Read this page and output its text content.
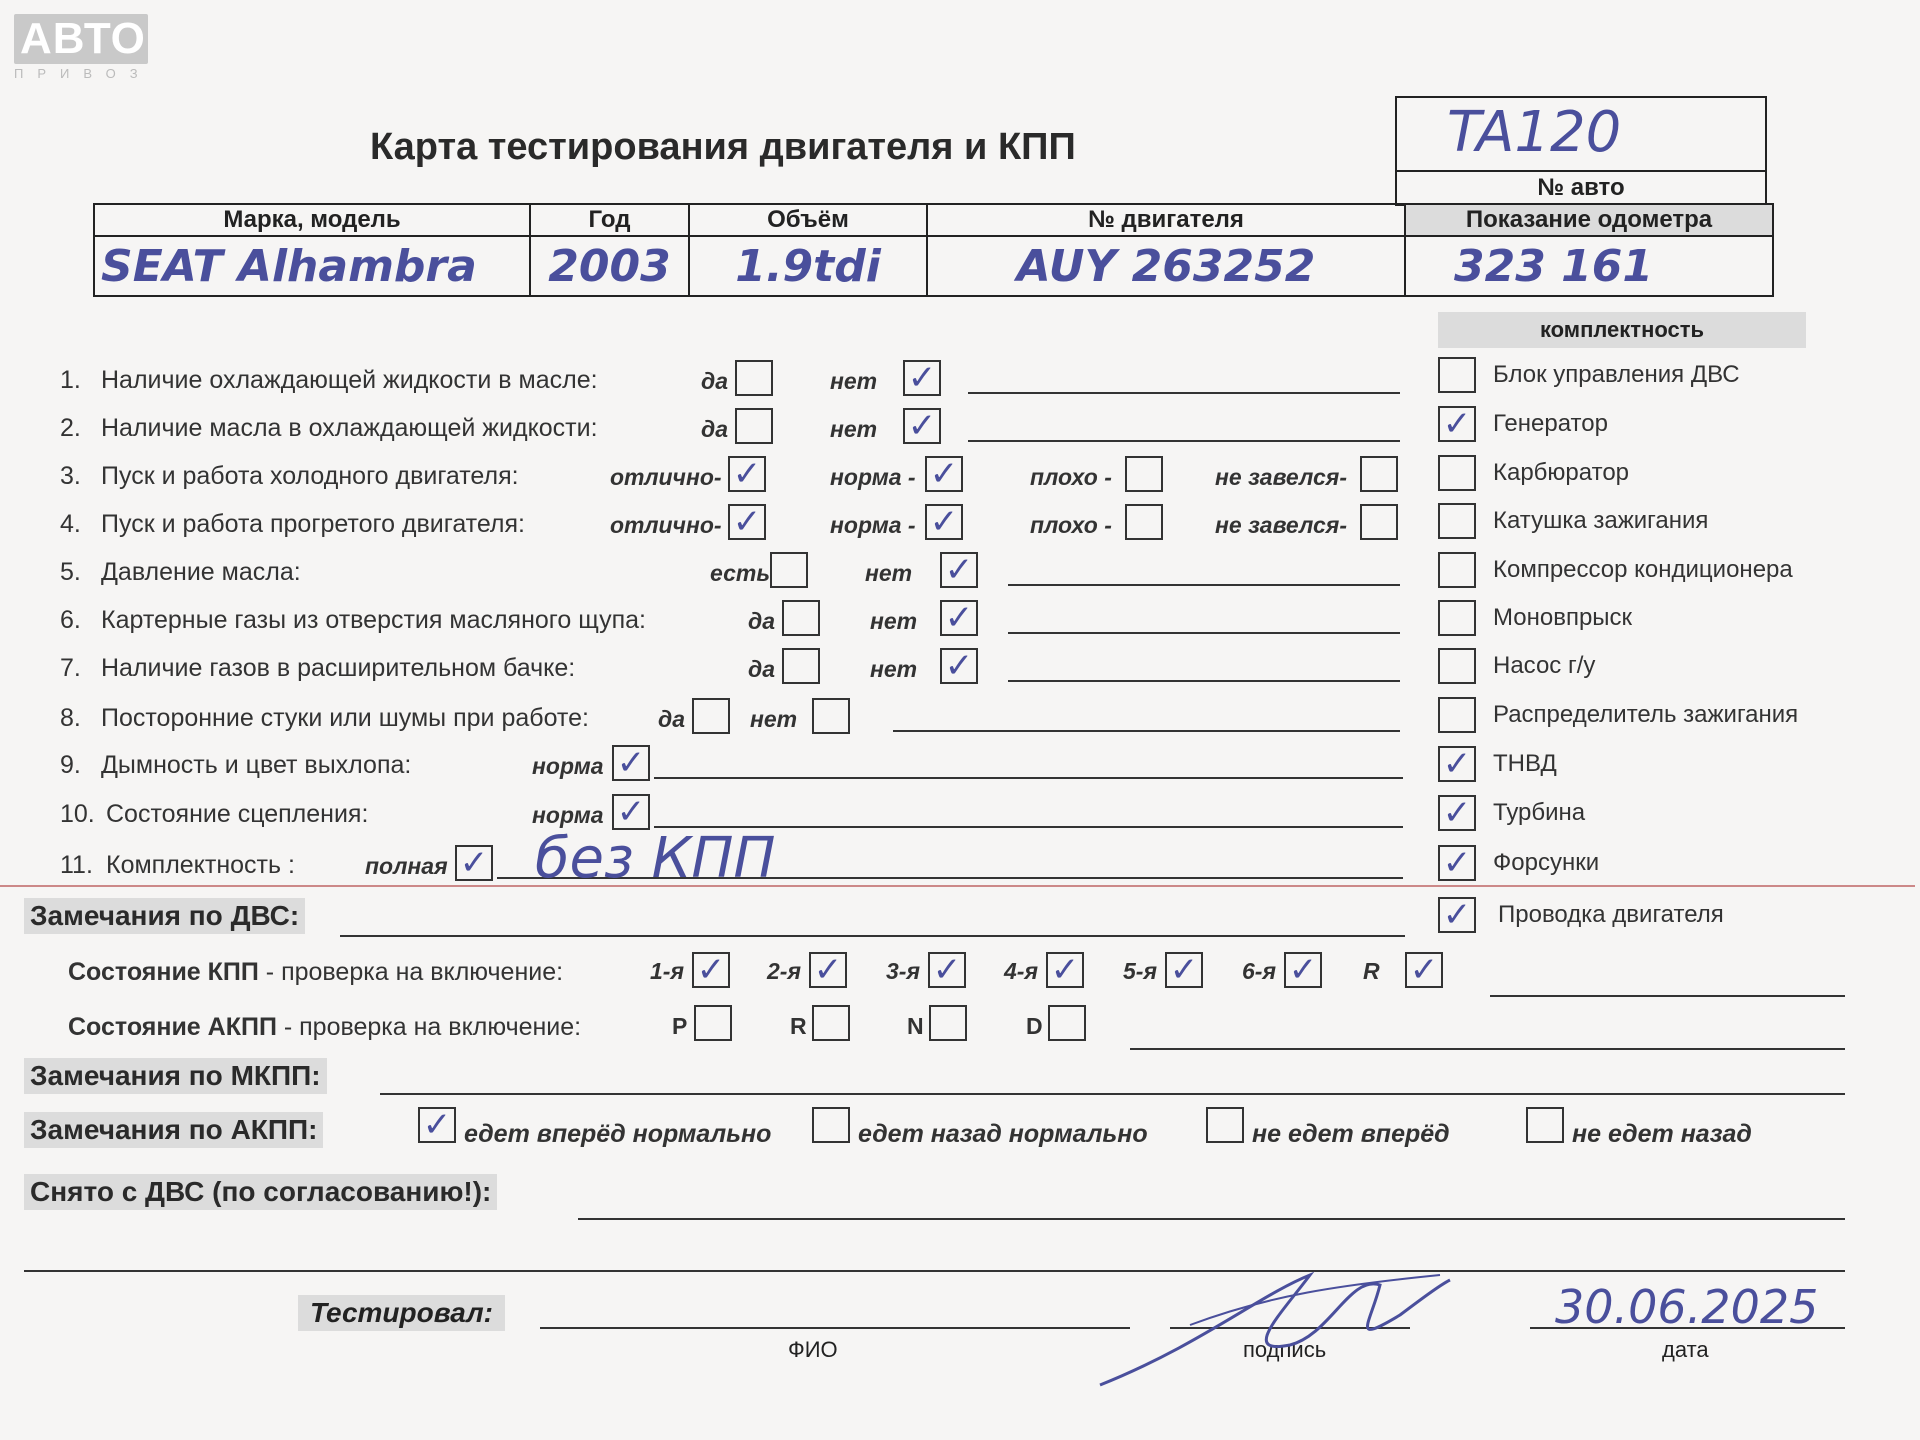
АВТО
ПРИВОЗ
Карта тестирования двигателя и КПП	TA120
№ авто
Марка, модель	Год	Объём	№ двигателя	Показание одометра
SEAT Alhambra	2003	1.9tdi	AUY 263252	323 161
комплектность
1. Наличие охлаждающей жидкости в масле:	да	нет ✓
2. Наличие масла в охлаждающей жидкости:	да	нет ✓
3. Пуск и работа холодного двигателя:	отлично- ✓	норма - ✓	плохо -	не завелся-
4. Пуск и работа прогретого двигателя:	отлично- ✓	норма - ✓	плохо -	не завелся-
5. Давление масла:	есть	нет ✓
6. Картерные газы из отверстия масляного щупа:	да	нет ✓
7. Наличие газов в расширительном бачке:	да	нет ✓
8. Посторонние стуки или шумы при работе:	да	нет
9. Дымность и цвет выхлопа:	норма ✓
10. Состояние сцепления:	норма ✓
11. Комплектность :	полная ✓ без КПП
Блок управления ДВС
✓ Генератор
Карбюратор
Катушка зажигания
Компрессор кондиционера
Моновпрыск
Насос г/у
Распределитель зажигания
✓ ТНВД
✓ Турбина
✓ Форсунки
✓ Проводка двигателя
Замечания по ДВС:
Состояние КПП - проверка на включение:	1-я ✓ 2-я ✓ 3-я ✓ 4-я ✓ 5-я ✓ 6-я ✓ R ✓
Состояние АКПП - проверка на включение:	P	R	N	D
Замечания по МКПП:
Замечания по АКПП:	✓ едет вперёд нормально	едет назад нормально	не едет вперёд	не едет назад
Снято с ДВС (по согласованию!):
Тестировал:
ФИО	подпись
30.06.2025
дата
